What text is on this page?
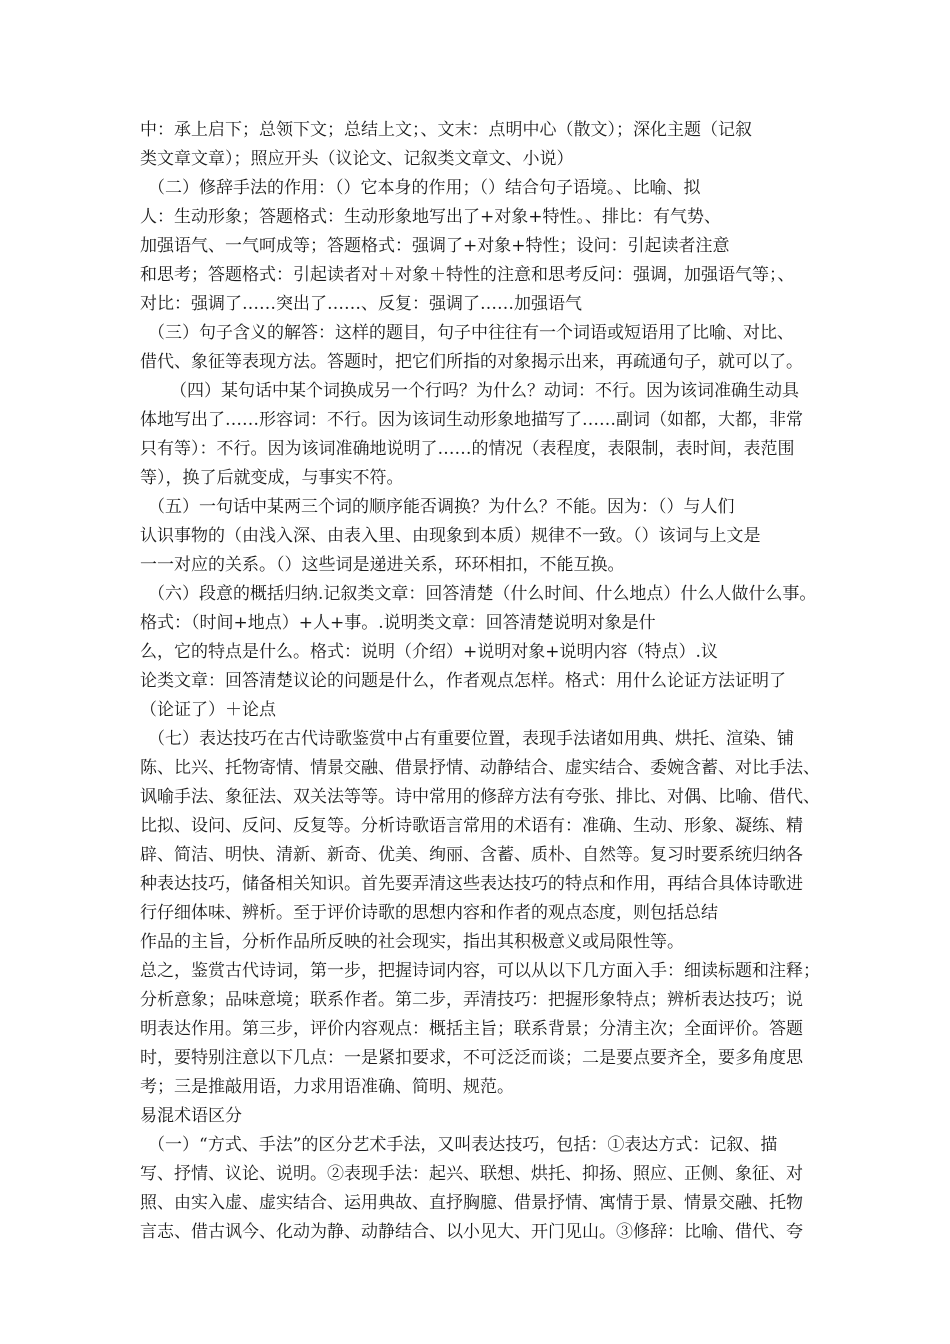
中：承上启下；总领下文；总结上文；、文末：点明中心（散文）；深化主题（记叙
类文章文章）；照应开头（议论文、记叙类文章文、小说）
（二）修辞手法的作用：（）它本身的作用；（）结合句子语境。、比喻、拟
人：生动形象；答题格式：生动形象地写出了+对象+特性。、排比：有气势、
加强语气、一气呵成等；答题格式：强调了+对象+特性；设问：引起读者注意
和思考；答题格式：引起读者对＋对象＋特性的注意和思考反问：强调，加强语气等；、
对比：强调了……突出了……、反复：强调了……加强语气
（三）句子含义的解答：这样的题目，句子中往往有一个词语或短语用了比喻、对比、
借代、象征等表现方法。答题时，把它们所指的对象揭示出来，再疏通句子，就可以了。
（四）某句话中某个词换成另一个行吗？为什么？动词：不行。因为该词准确生动具
体地写出了……形容词：不行。因为该词生动形象地描写了……副词（如都，大都，非常
只有等）：不行。因为该词准确地说明了……的情况（表程度，表限制，表时间，表范围
等），换了后就变成，与事实不符。
（五）一句话中某两三个词的顺序能否调换？为什么？不能。因为：（）与人们
认识事物的（由浅入深、由表入里、由现象到本质）规律不一致。（）该词与上文是
一一对应的关系。（）这些词是递进关系，环环相扣，不能互换。
（六）段意的概括归纳.记叙类文章：回答清楚（什么时间、什么地点）什么人做什么事。
格式：（时间+地点）+人+事。.说明类文章：回答清楚说明对象是什
么，它的特点是什么。格式：说明（介绍）+说明对象+说明内容（特点）.议
论类文章：回答清楚议论的问题是什么，作者观点怎样。格式：用什么论证方法证明了
（论证了）＋论点
（七）表达技巧在古代诗歌鉴赏中占有重要位置，表现手法诸如用典、烘托、渲染、铺
陈、比兴、托物寄情、情景交融、借景抒情、动静结合、虚实结合、委婉含蓄、对比手法、
讽喻手法、象征法、双关法等等。诗中常用的修辞方法有夸张、排比、对偶、比喻、借代、
比拟、设问、反问、反复等。分析诗歌语言常用的术语有：准确、生动、形象、凝练、精
辟、简洁、明快、清新、新奇、优美、绚丽、含蓄、质朴、自然等。复习时要系统归纳各
种表达技巧，储备相关知识。首先要弄清这些表达技巧的特点和作用，再结合具体诗歌进
行仔细体味、辨析。至于评价诗歌的思想内容和作者的观点态度，则包括总结
作品的主旨，分析作品所反映的社会现实，指出其积极意义或局限性等。
总之，鉴赏古代诗词，第一步，把握诗词内容，可以从以下几方面入手：细读标题和注释；
分析意象；品味意境；联系作者。第二步，弄清技巧：把握形象特点；辨析表达技巧；说
明表达作用。第三步，评价内容观点：概括主旨；联系背景；分清主次；全面评价。答题
时，要特别注意以下几点：一是紧扣要求，不可泛泛而谈；二是要点要齐全，要多角度思
考；三是推敲用语，力求用语准确、简明、规范。
易混术语区分
（一）“方式、手法”的区分艺术手法，又叫表达技巧，包括：①表达方式：记叙、描
写、抒情、议论、说明。②表现手法：起兴、联想、烘托、抑扬、照应、正侧、象征、对
照、由实入虚、虚实结合、运用典故、直抒胸臆、借景抒情、寓情于景、情景交融、托物
言志、借古讽今、化动为静、动静结合、以小见大、开门见山。③修辞：比喻、借代、夸
